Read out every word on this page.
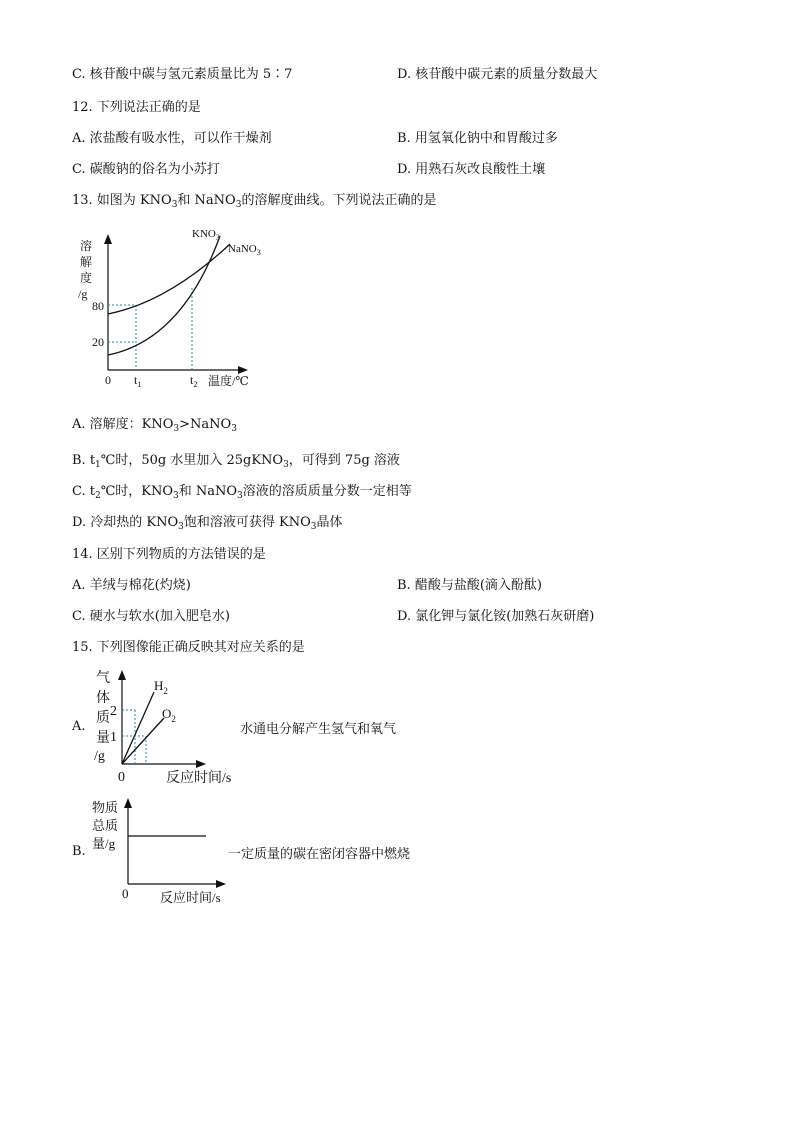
C. 核苷酸中碳与氢元素质量比为 5∶7	D. 核苷酸中碳元素的质量分数最大
12. 下列说法正确的是
A. 浓盐酸有吸水性，可以作干燥剂	B. 用氢氧化钠中和胃酸过多
C. 碳酸钠的俗名为小苏打	D. 用熟石灰改良酸性土壤
13. 如图为 $KNO_3$和 NaNO$_3$的溶解度曲线。下列说法正确的是
溶
解
度
/g
80
20
0 $t_1$	$t_2$ 温度/℃
$KNO_3$
NaNO$_3$
A. 溶解度：$KNO_3>NaNO_3$
B. $t_1℃$时，50g 水里加入 25gKNO$_3$，可得到 75g 溶液
C. $t_2℃$时，$KNO_3$和 NaNO$_3$溶液的溶质质量分数一定相等
D. 冷却热的 $KNO_3$饱和溶液可获得 $KNO_3$晶体
14. 区别下列物质的方法错误的是
A. 羊绒与棉花(灼烧)	B. 醋酸与盐酸(滴入酚酞)
C. 硬水与软水(加入肥皂水)	D. 氯化钾与氯化铵(加熟石灰研磨)
15. 下列图像能正确反映其对应关系的是
A.
气
体
质
量
/g
2
1
0	反应时间/s
$H_2$
$O_2$
水通电分解产生氢气和氧气
B.
物质
总质
量/g
0 反应时间/s
一定质量的碳在密闭容器中燃烧
